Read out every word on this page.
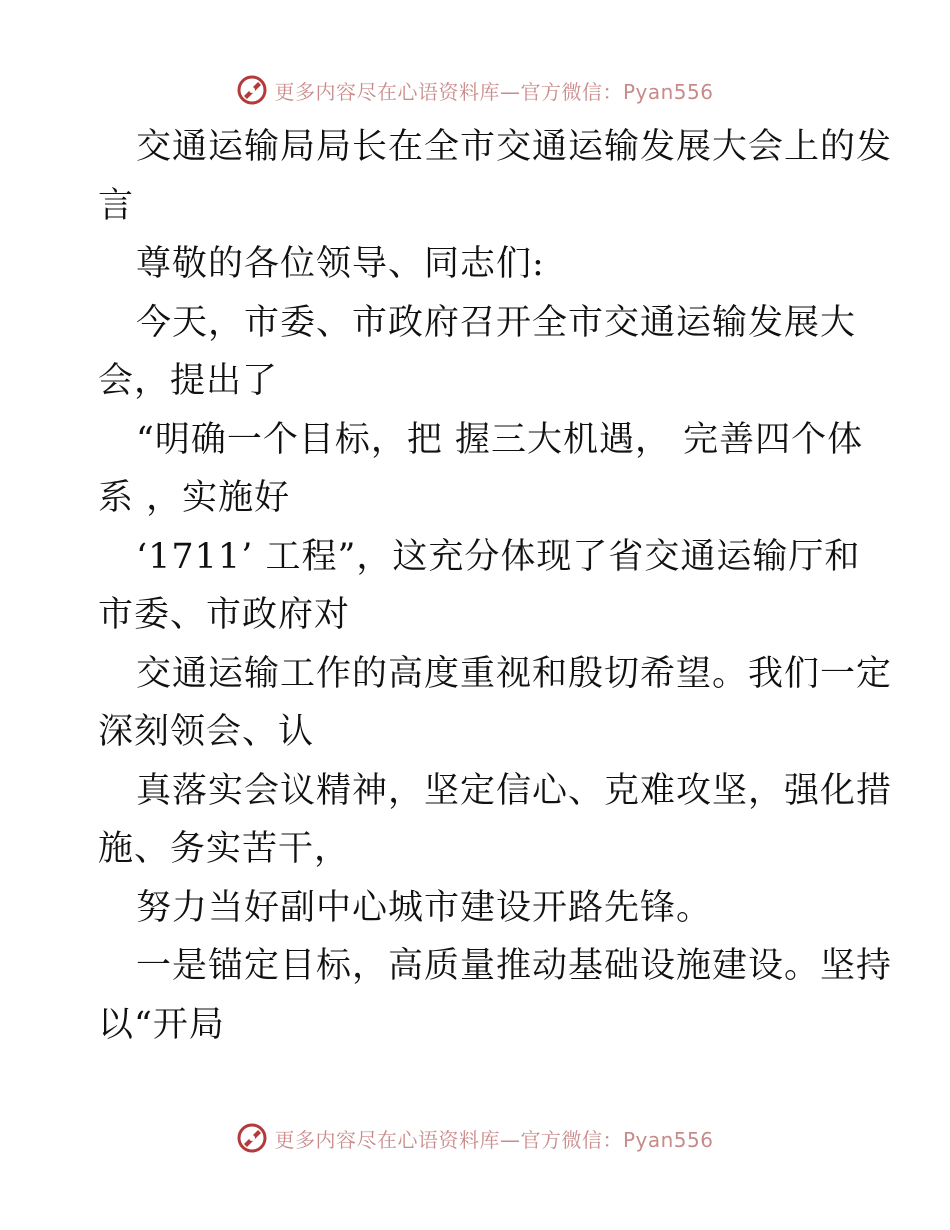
更多内容尽在心语资料库—官方微信：Pyan556
交通运输局局长在全市交通运输发展大会上的发
言
尊敬的各位领导、同志们:
今天，市委、市政府召开全市交通运输发展大
会，提出了
“明确一个目标，把 握三大机遇， 完善四个体
系 ，实施好
‘1711’ 工程”，这充分体现了省交通运输厅和
市委、市政府对
交通运输工作的高度重视和殷切希望。我们一定
深刻领会、认
真落实会议精神，坚定信心、克难攻坚，强化措
施、务实苦干，
努力当好副中心城市建设开路先锋。
一是锚定目标，高质量推动基础设施建设。坚持
以“开局
更多内容尽在心语资料库—官方微信：Pyan556
